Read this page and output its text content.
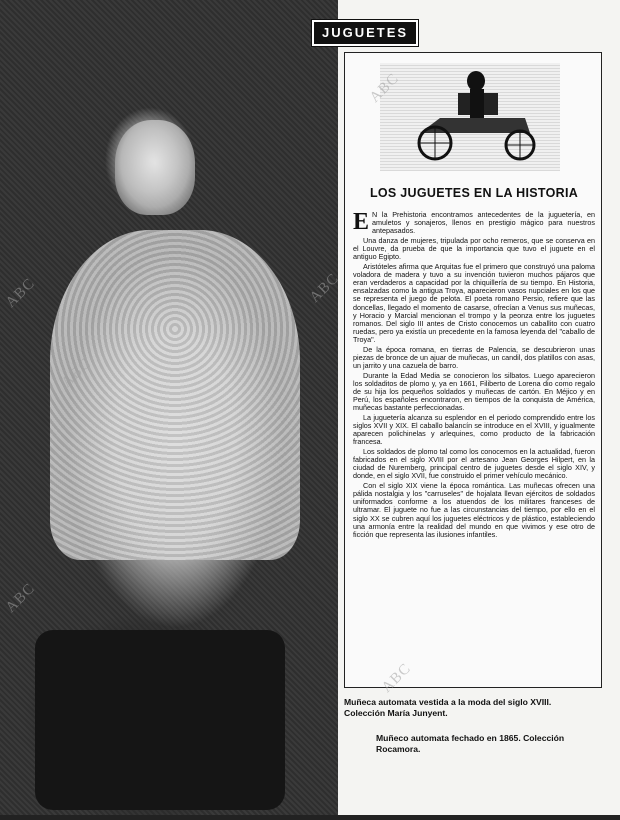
JUGUETES
LOS JUGUETES EN LA HISTORIA

E N la Prehistoria encontramos antecedentes de la juguetería, en amuletos y sonajeros, llenos en prestigio mágico para nuestros antepasados.

Una danza de mujeres, tripulada por ocho remeros, que se conserva en el Louvre, da prueba de que la importancia que tuvo el juguete en el antiguo Egipto.

Aristóteles afirma que Arquitas fue el primero que construyó una paloma voladora de madera y tuvo a su invención tuvieron muchos pájaros que eran verdaderos a capacidad por la chiquillería de su tiempo. En Historia, ensalzadas como la antigua Troya, aparecieron vasos nupciales en los que se representa el juego de pelota. El poeta romano Persio, refiere que las doncellas, llegado el momento de casarse, ofrecían a Venus sus muñecas, y Horacio y Marcial mencionan el trompo y la peonza entre los juguetes romanos. Del siglo III antes de Cristo conocemos un caballito con cuatro ruedas, pero ya existía un precedente en la famosa leyenda del "caballo de Troya".

De la época romana, en tierras de Palencia, se descubrieron unas piezas de bronce de un ajuar de muñecas, un candil, dos platillos con asas, un jarrito y una cazuela de barro.

Durante la Edad Media se conocieron los silbatos. Luego aparecieron los soldaditos de plomo y, ya en 1661, Filiberto de Lorena dio como regalo de su hija los pequeños soldados y muñecas de cartón. En Méjico y en Perú, los españoles encontraron, en tiempos de la conquista de América, muñecas bastante perfeccionadas.

La juguetería alcanza su esplendor en el periodo comprendido entre los siglos XVII y XIX. El caballo balancín se introduce en el XVIII, y igualmente aparecen polichinelas y arlequines, como producto de la fabricación francesa.

Los soldados de plomo tal como los conocemos en la actualidad, fueron fabricados en el siglo XVIII por el artesano Jean Georges Hilpert, en la ciudad de Nuremberg, principal centro de juguetes desde el siglo XIV, y donde, en el siglo XVII, fue construido el primer vehículo mecánico.

Con el siglo XIX viene la época romántica. Las muñecas ofrecen una pálida nostalgia y los "carruseles" de hojalata llevan ejércitos de soldados uniformados conforme a los atuendos de los militares franceses de ultramar. El juguete no fue a las circunstancias del tiempo, por ello en el siglo XX se cubren aquí los juguetes eléctricos y de plástico, estableciendo una armonía entre la realidad del mundo en que vivimos y ese otro de ficción que representa las ilusiones infantiles.

Muñeca automata vestida a la moda del siglo XVIII. Colección María Junyent.
Muñeco automata fechado en 1865. Colección Rocamora.
ABC
ABC
ABC
ABC
ABC
ABC
